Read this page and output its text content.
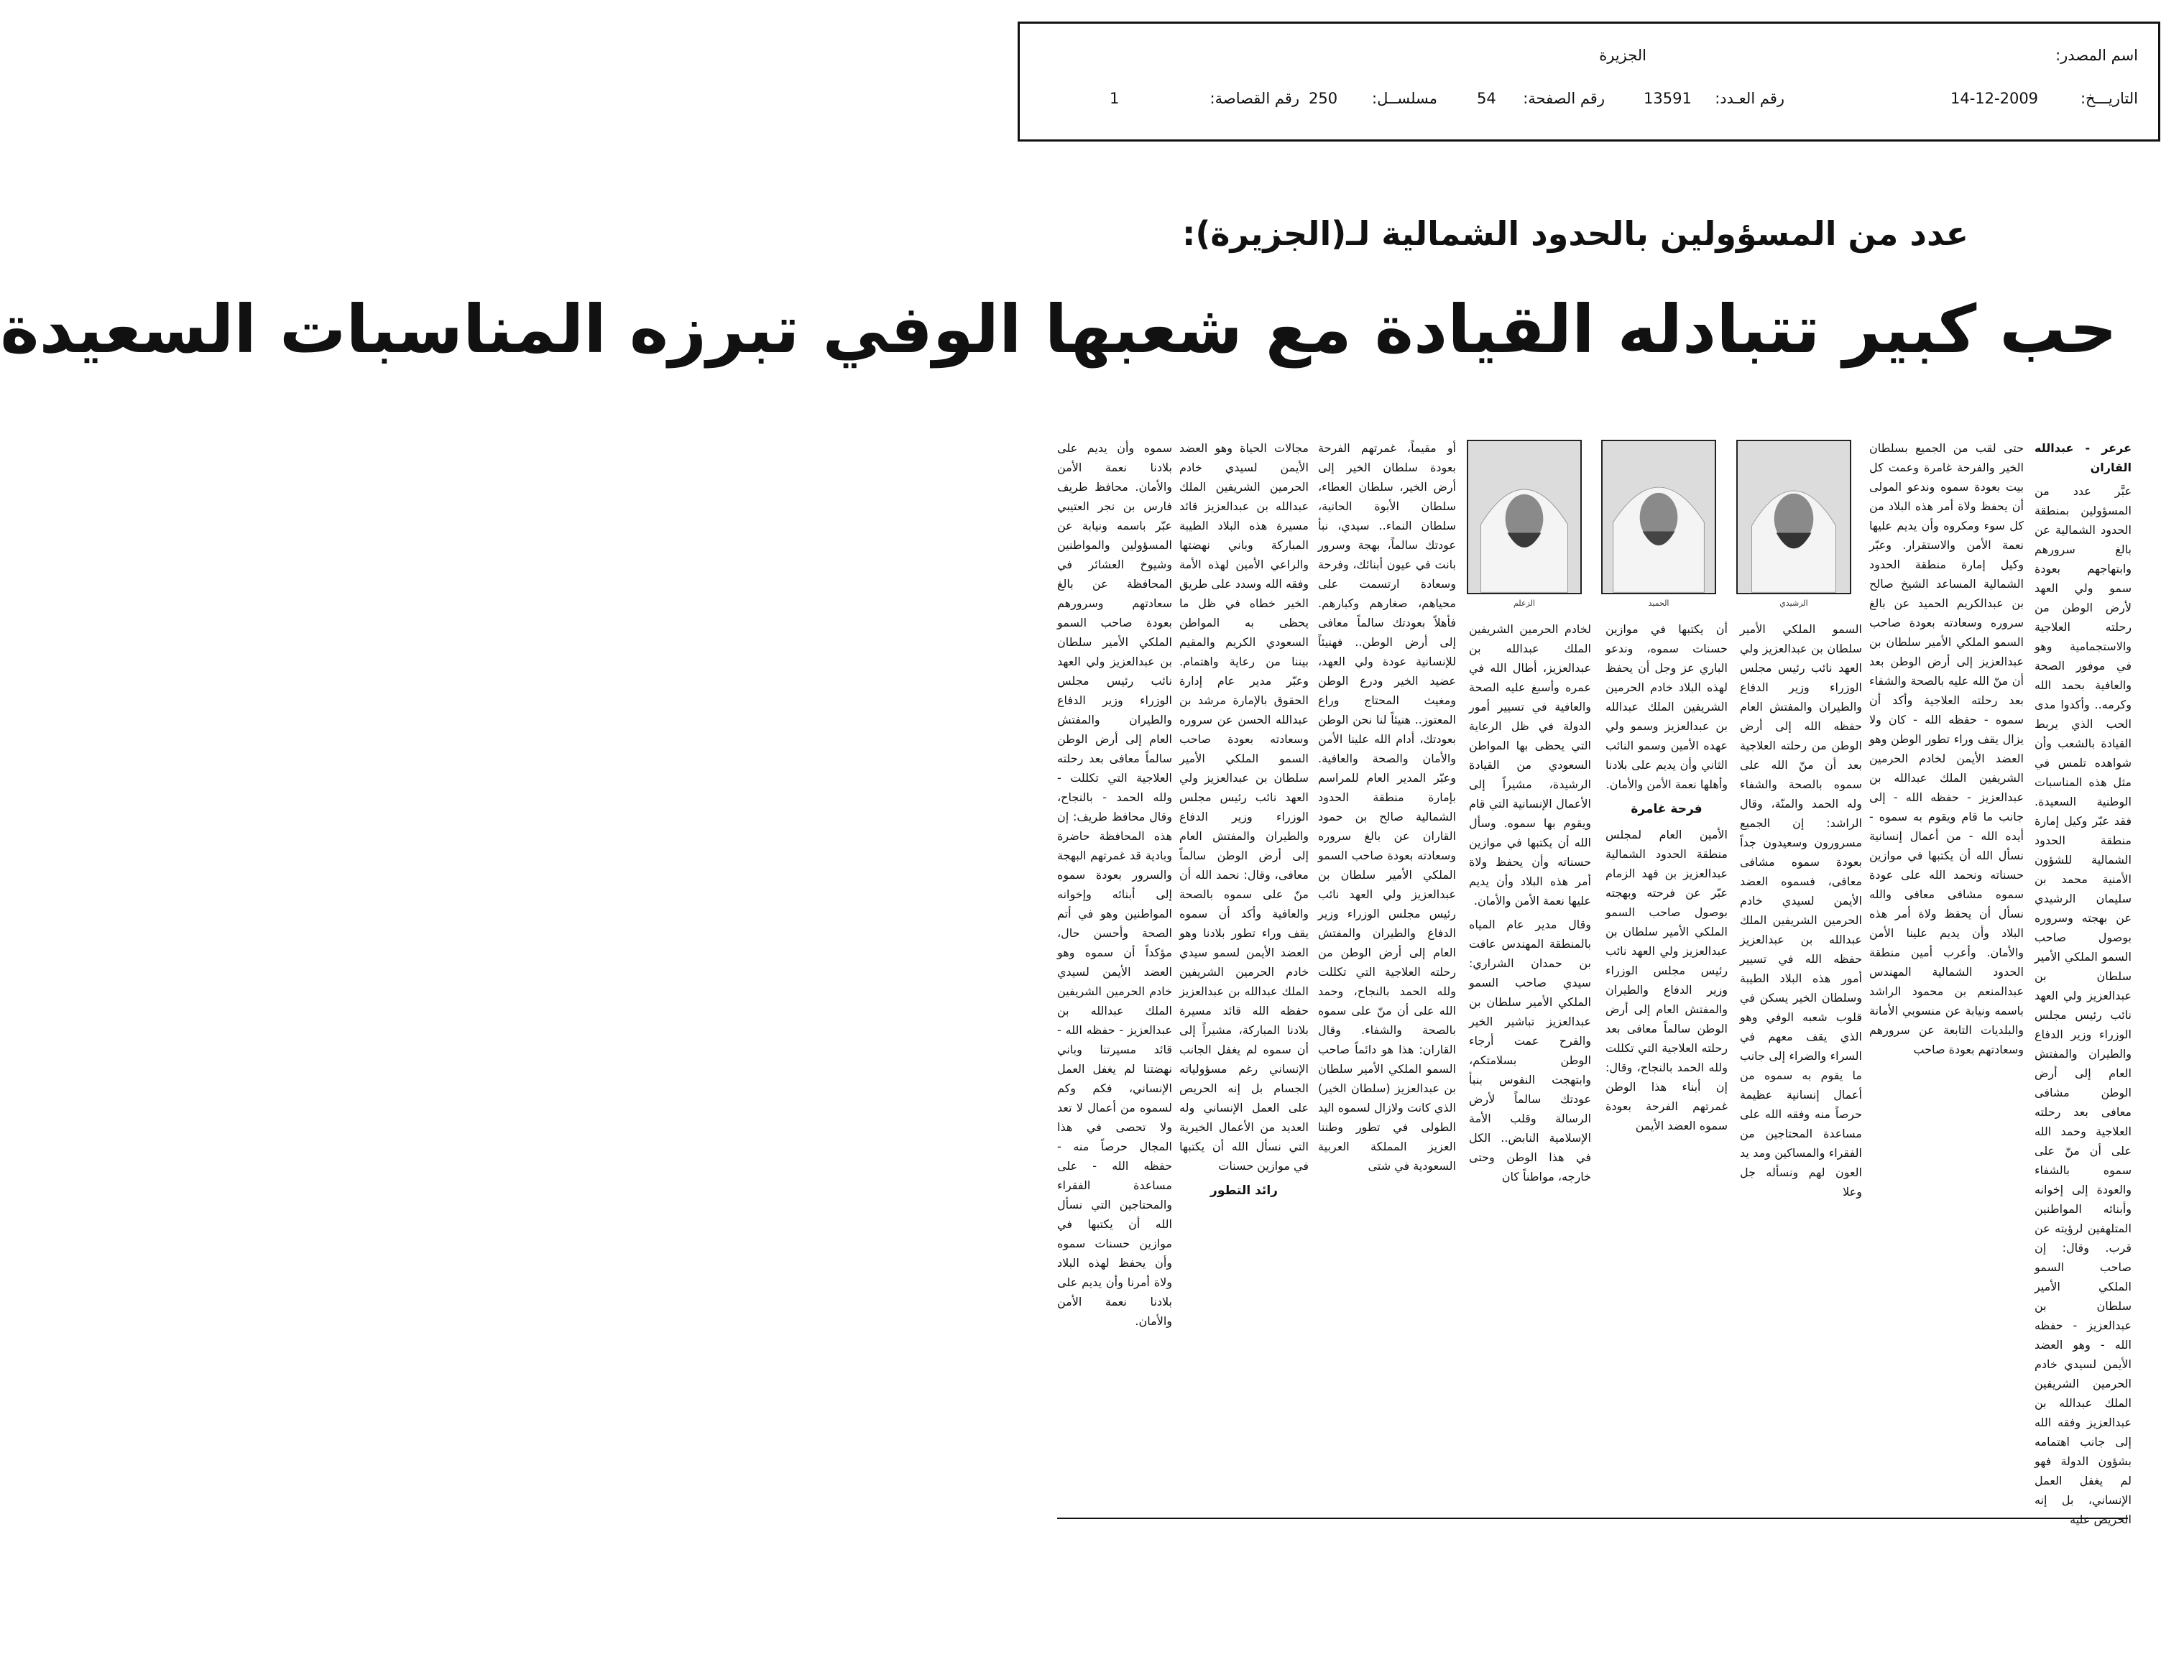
اسم المصدر:
الجزيرة
التاريـــخ:
14-12-2009
رقم العـدد:
13591
رقم الصفحة:
54
مسلســل:
250
رقم القصاصة:
1
عدد من المسؤولين بالحدود الشمالية لـ(الجزيرة):
حب كبير تتبادله القيادة مع شعبها الوفي تبرزه المناسبات السعيدة

عرعر - عبدالله القاران

عبَّر عدد من المسؤولين بمنطقة الحدود الشمالية عن بالغ سرورهم وابتهاجهم بعودة سمو ولي العهد لأرض الوطن من رحلته العلاجية والاستجمامية وهو في موفور الصحة والعافية بحمد الله وكرمه.. وأكدوا مدى الحب الذي يربط القيادة بالشعب وأن شواهده تلمس في مثل هذه المناسبات الوطنية السعيدة. فقد عبّر وكيل إمارة منطقة الحدود الشمالية للشؤون الأمنية محمد بن سليمان الرشيدي عن بهجته وسروره بوصول صاحب السمو الملكي الأمير سلطان بن عبدالعزيز ولي العهد نائب رئيس مجلس الوزراء وزير الدفاع والطيران والمفتش العام إلى أرض الوطن مشافى معافى بعد رحلته العلاجية وحمد الله على أن منّ على سموه بالشفاء والعودة إلى إخوانه وأبنائه المواطنين المتلهفين لرؤيته عن قرب. وقال: إن صاحب السمو الملكي الأمير سلطان بن عبدالعزيز - حفظه الله - وهو العضد الأيمن لسيدي خادم الحرمين الشريفين الملك عبدالله بن عبدالعزيز وفقه الله إلى جانب اهتمامه بشؤون الدولة فهو لم يغفل العمل الإنساني، بل إنه الحريص عليه

حتى لقب من الجميع بسلطان الخير والفرحة غامرة وعمت كل بيت بعودة سموه وندعو المولى أن يحفظ ولاة أمر هذه البلاد من كل سوء ومكروه وأن يديم عليها نعمة الأمن والاستقرار. وعبّر وكيل إمارة منطقة الحدود الشمالية المساعد الشيخ صالح بن عبدالكريم الحميد عن بالغ سروره وسعادته بعودة صاحب السمو الملكي الأمير سلطان بن عبدالعزيز إلى أرض الوطن بعد أن منّ الله عليه بالصحة والشفاء بعد رحلته العلاجية وأكد أن سموه - حفظه الله - كان ولا يزال يقف وراء تطور الوطن وهو العضد الأيمن لخادم الحرمين الشريفين الملك عبدالله بن عبدالعزيز - حفظه الله - إلى جانب ما قام ويقوم به سموه - أيده الله - من أعمال إنسانية نسأل الله أن يكتبها في موازين حسناته ونحمد الله على عودة سموه مشافى معافى والله نسأل أن يحفظ ولاة أمر هذه البلاد وأن يديم علينا الأمن والأمان. وأعرب أمين منطقة الحدود الشمالية المهندس عبدالمنعم بن محمود الراشد باسمه ونيابة عن منسوبي الأمانة والبلديات التابعة عن سرورهم وسعادتهم بعودة صاحب

الرشيدي
الحميد
الزعلم

السمو الملكي الأمير سلطان بن عبدالعزيز ولي العهد نائب رئيس مجلس الوزراء وزير الدفاع والطيران والمفتش العام حفظه الله إلى أرض الوطن من رحلته العلاجية بعد أن منّ الله على سموه بالصحة والشفاء وله الحمد والمنّة، وقال الراشد: إن الجميع مسرورون وسعيدون جداً بعودة سموه مشافى معافى، فسموه العضد الأيمن لسيدي خادم الحرمين الشريفين الملك عبدالله بن عبدالعزيز حفظه الله في تسيير أمور هذه البلاد الطيبة وسلطان الخير يسكن في قلوب شعبه الوفي وهو الذي يقف معهم في السراء والضراء إلى جانب ما يقوم به سموه من أعمال إنسانية عظيمة حرصاً منه وفقه الله على مساعدة المحتاجين من الفقراء والمساكين ومد يد العون لهم ونسأله جل وعلا

أن يكتبها في موازين حسنات سموه، وندعو الباري عز وجل أن يحفظ لهذه البلاد خادم الحرمين الشريفين الملك عبدالله بن عبدالعزيز وسمو ولي عهده الأمين وسمو النائب الثاني وأن يديم على بلادنا وأهلها نعمة الأمن والأمان.

فرحة غامرة

الأمين العام لمجلس منطقة الحدود الشمالية عبدالعزيز بن فهد الزمام عبّر عن فرحته وبهجته بوصول صاحب السمو الملكي الأمير سلطان بن عبدالعزيز ولي العهد نائب رئيس مجلس الوزراء وزير الدفاع والطيران والمفتش العام إلى أرض الوطن سالماً معافى بعد رحلته العلاجية التي تكللت ولله الحمد بالنجاح، وقال: إن أبناء هذا الوطن غمرتهم الفرحة بعودة سموه العضد الأيمن

لخادم الحرمين الشريفين الملك عبدالله بن عبدالعزيز، أطال الله في عمره وأسبغ عليه الصحة والعافية في تسيير أمور الدولة في ظل الرعاية التي يحظى بها المواطن السعودي من القيادة الرشيدة، مشيراً إلى الأعمال الإنسانية التي قام ويقوم بها سموه. وسأل الله أن يكتبها في موازين حسناته وأن يحفظ ولاة أمر هذه البلاد وأن يديم عليها نعمة الأمن والأمان.

وقال مدير عام المياه بالمنطقة المهندس عافت بن حمدان الشراري: سيدي صاحب السمو الملكي الأمير سلطان بن عبدالعزيز تباشير الخير والفرح عمت أرجاء الوطن بسلامتكم، وابتهجت النفوس بنبأ عودتك سالماً لأرض الرسالة وقلب الأمة الإسلامية النابض.. الكل في هذا الوطن وحتى خارجه، مواطناً كان

أو مقيماً، غمرتهم الفرحة بعودة سلطان الخير إلى أرض الخير، سلطان العطاء، سلطان الأبوة الحانية، سلطان النماء.. سيدي، نبأ عودتك سالماً، بهجة وسرور بانت في عيون أبنائك، وفرحة وسعادة ارتسمت على محياهم، صغارهم وكبارهم. فأهلاً بعودتك سالماً معافى إلى أرض الوطن.. فهنيئاً للإنسانية عودة ولي العهد، عضيد الخير ودرع الوطن ومغيث المحتاج وراع المعتوز.. هنيئاً لنا نحن الوطن بعودتك، أدام الله علينا الأمن والأمان والصحة والعافية. وعبّر المدير العام للمراسم بإمارة منطقة الحدود الشمالية صالح بن حمود القاران عن بالغ سروره وسعادته بعودة صاحب السمو الملكي الأمير سلطان بن عبدالعزيز ولي العهد نائب رئيس مجلس الوزراء وزير الدفاع والطيران والمفتش العام إلى أرض الوطن من رحلته العلاجية التي تكللت ولله الحمد بالنجاح، وحمد الله على أن منّ على سموه بالصحة والشفاء. وقال القاران: هذا هو دائماً صاحب السمو الملكي الأمير سلطان بن عبدالعزيز (سلطان الخير) الذي كانت ولازال لسموه اليد الطولى في تطور وطننا العزيز المملكة العربية السعودية في شتى

مجالات الحياة وهو العضد الأيمن لسيدي خادم الحرمين الشريفين الملك عبدالله بن عبدالعزيز قائد مسيرة هذه البلاد الطيبة المباركة وباني نهضتها والراعي الأمين لهذه الأمة وفقه الله وسدد على طريق الخير خطاه في ظل ما يحظى به المواطن السعودي الكريم والمقيم بيننا من رعاية واهتمام. وعبّر مدير عام إدارة الحقوق بالإمارة مرشد بن عبدالله الحسن عن سروره وسعادته بعودة صاحب السمو الملكي الأمير سلطان بن عبدالعزيز ولي العهد نائب رئيس مجلس الوزراء وزير الدفاع والطيران والمفتش العام إلى أرض الوطن سالماً معافى، وقال: نحمد الله أن منّ على سموه بالصحة والعافية وأكد أن سموه يقف وراء تطور بلادنا وهو العضد الأيمن لسمو سيدي خادم الحرمين الشريفين الملك عبدالله بن عبدالعزيز حفظه الله قائد مسيرة بلادنا المباركة، مشيراً إلى أن سموه لم يغفل الجانب الإنساني رغم مسؤولياته الجسام بل إنه الحريص على العمل الإنساني وله العديد من الأعمال الخيرية التي نسأل الله أن يكتبها في موازين حسنات

رائد التطور

سموه وأن يديم على بلادنا نعمة الأمن والأمان. محافظ طريف فارس بن نجر العتيبي عبّر باسمه ونيابة عن المسؤولين والمواطنين وشيوخ العشائر في المحافظة عن بالغ سعادتهم وسرورهم بعودة صاحب السمو الملكي الأمير سلطان بن عبدالعزيز ولي العهد نائب رئيس مجلس الوزراء وزير الدفاع والطيران والمفتش العام إلى أرض الوطن سالماً معافى بعد رحلته العلاجية التي تكللت - ولله الحمد - بالنجاح، وقال محافظ طريف: إن هذه المحافظة حاضرة وبادية قد غمرتهم البهجة والسرور بعودة سموه إلى أبنائه وإخوانه المواطنين وهو في أتم الصحة وأحسن حال، مؤكداً أن سموه وهو العضد الأيمن لسيدي خادم الحرمين الشريفين الملك عبدالله بن عبدالعزيز - حفظه الله - قائد مسيرتنا وباني نهضتنا لم يغفل العمل الإنساني، فكم وكم لسموه من أعمال لا تعد ولا تحصى في هذا المجال حرصاً منه - حفظه الله - على مساعدة الفقراء والمحتاجين التي نسأل الله أن يكتبها في موازين حسنات سموه وأن يحفظ لهذه البلاد ولاة أمرنا وأن يديم على بلادنا نعمة الأمن والأمان.
